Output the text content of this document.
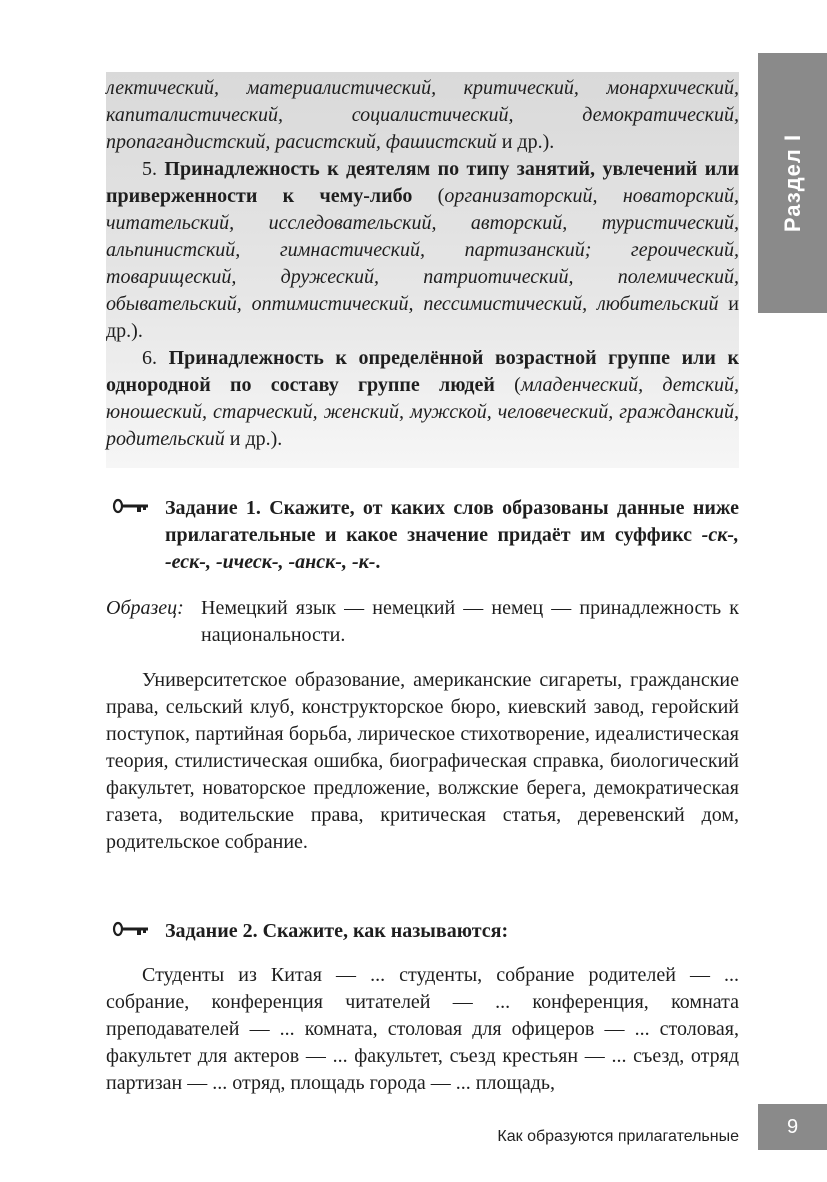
Раздел I

лектический, материалистический, критический, монархический, капиталистический, социалистический, демократический, пропагандистский, расистский, фашистский и др.).

5. Принадлежность к деятелям по типу занятий, увлечений или приверженности к чему-либо (организаторский, новаторский, читательский, исследовательский, авторский, туристический, альпинистский, гимнастический, партизанский; героический, товарищеский, дружеский, патриотический, полемический, обывательский, оптимистический, пессимистический, любительский и др.).

6. Принадлежность к определённой возрастной группе или к однородной по составу группе людей (младенческий, детский, юношеский, старческий, женский, мужской, человеческий, гражданский, родительский и др.).

Задание 1. Скажите, от каких слов образованы данные ниже прилагательные и какое значение придаёт им суффикс -ск-, -еск-, -ическ-, -анск-, -к-.
Образец: Немецкий язык — немецкий — немец — принадлежность к национальности.

Университетское образование, американские сигареты, гражданские права, сельский клуб, конструкторское бюро, киевский завод, геройский поступок, партийная борьба, лирическое стихотворение, идеалистическая теория, стилистическая ошибка, биографическая справка, биологический факультет, новаторское предложение, волжские берега, демократическая газета, водительские права, критическая статья, деревенский дом, родительское собрание.

Задание 2. Скажите, как называются:

Студенты из Китая — ... студенты, собрание родителей — ... собрание, конференция читателей — ... конференция, комната преподавателей — ... комната, столовая для офицеров — ... столовая, факультет для актеров — ... факультет, съезд крестьян — ... съезд, отряд партизан — ... отряд, площадь города — ... площадь,

Как образуются прилагательные 9
